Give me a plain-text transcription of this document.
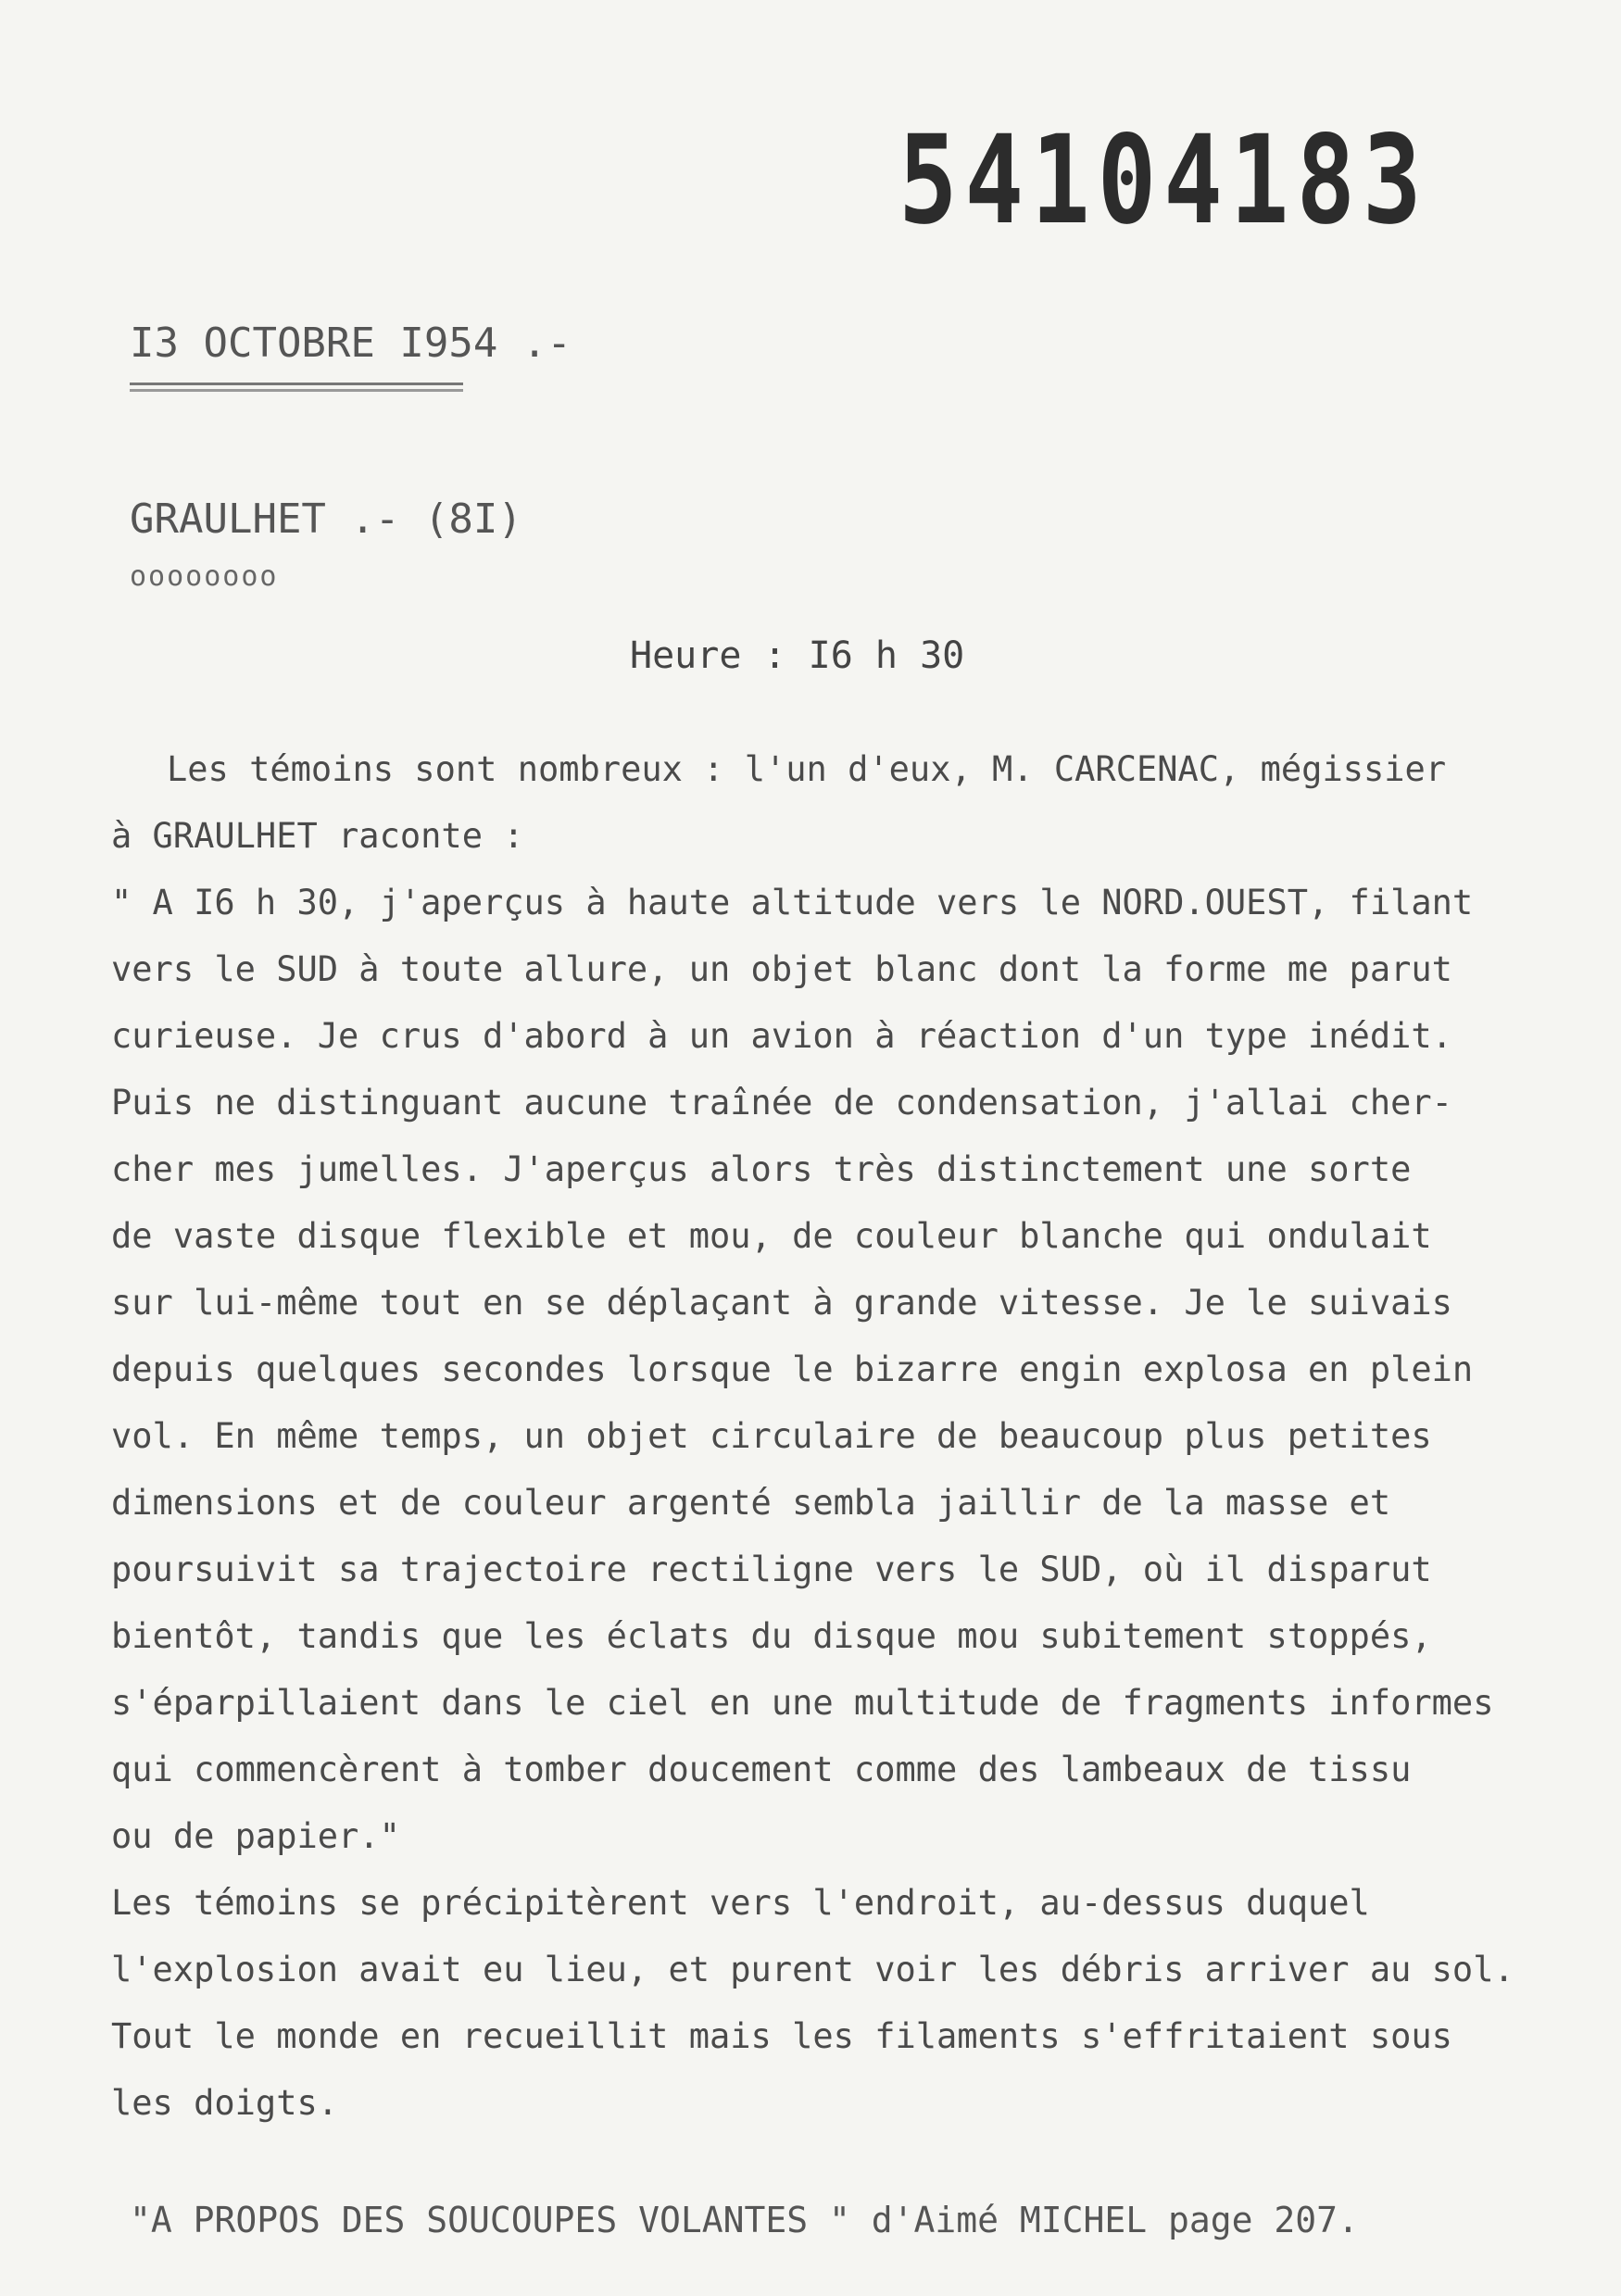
54104183
I3 OCTOBRE I954 .-
GRAULHET .- (8I)
oooooooo
Heure : I6 h 30
Les témoins sont nombreux : l'un d'eux, M. CARCENAC, mégissier
à GRAULHET raconte :
" A I6 h 30, j'aperçus à haute altitude vers le NORD.OUEST, filant
vers le SUD à toute allure, un objet blanc dont la forme me parut
curieuse. Je crus d'abord à un avion à réaction d'un type inédit.
Puis ne distinguant aucune traînée de condensation, j'allai cher-
cher mes jumelles. J'aperçus alors très distinctement une sorte
de vaste disque flexible et mou, de couleur blanche qui ondulait
sur lui-même tout en se déplaçant à grande vitesse. Je le suivais
depuis quelques secondes lorsque le bizarre engin explosa en plein
vol. En même temps, un objet circulaire de beaucoup plus petites
dimensions et de couleur argenté sembla jaillir de la masse et
poursuivit sa trajectoire rectiligne vers le SUD, où il disparut
bientôt, tandis que les éclats du disque mou subitement stoppés,
s'éparpillaient dans le ciel en une multitude de fragments informes
qui commencèrent à tomber doucement comme des lambeaux de tissu
ou de papier."
Les témoins se précipitèrent vers l'endroit, au-dessus duquel
l'explosion avait eu lieu, et purent voir les débris arriver au sol.
Tout le monde en recueillit mais les filaments s'effritaient sous
les doigts.
"A PROPOS DES SOUCOUPES VOLANTES " d'Aimé MICHEL page 207.
